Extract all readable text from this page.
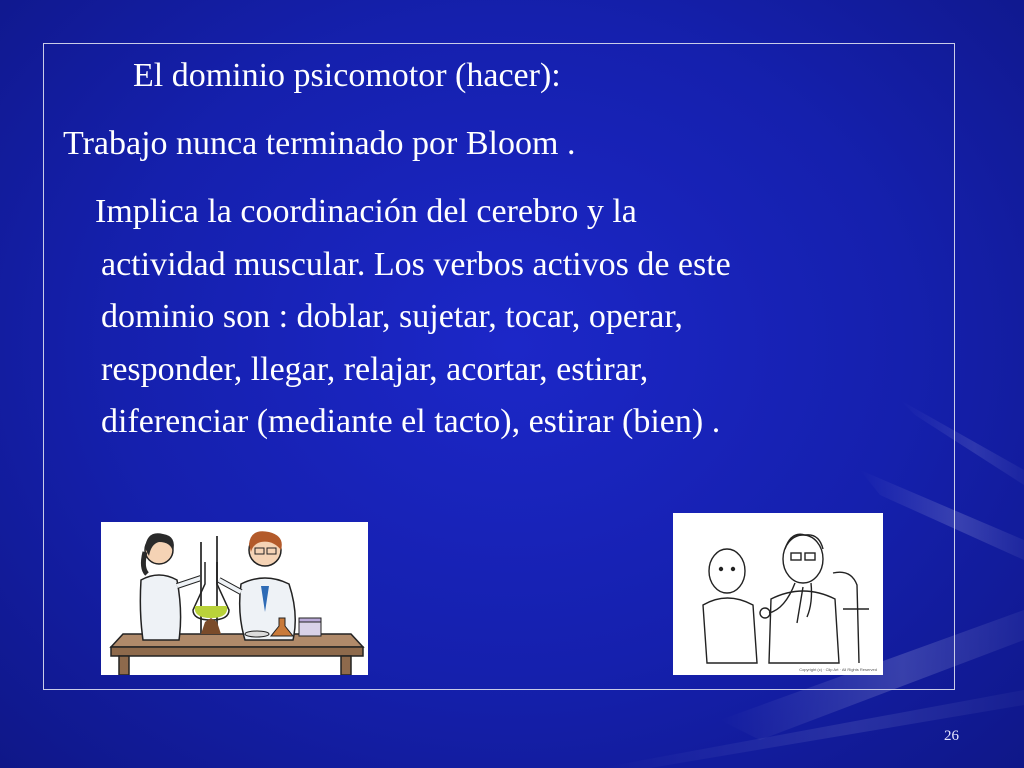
El dominio psicomotor (hacer):
Trabajo nunca terminado por Bloom .
Implica la coordinación del cerebro y la
actividad muscular. Los verbos activos de este
dominio son : doblar, sujetar, tocar, operar,
responder, llegar, relajar, acortar, estirar,
diferenciar (mediante el tacto), estirar (bien) .
Copyright (c) · Clip Art · All Rights Reserved
26
